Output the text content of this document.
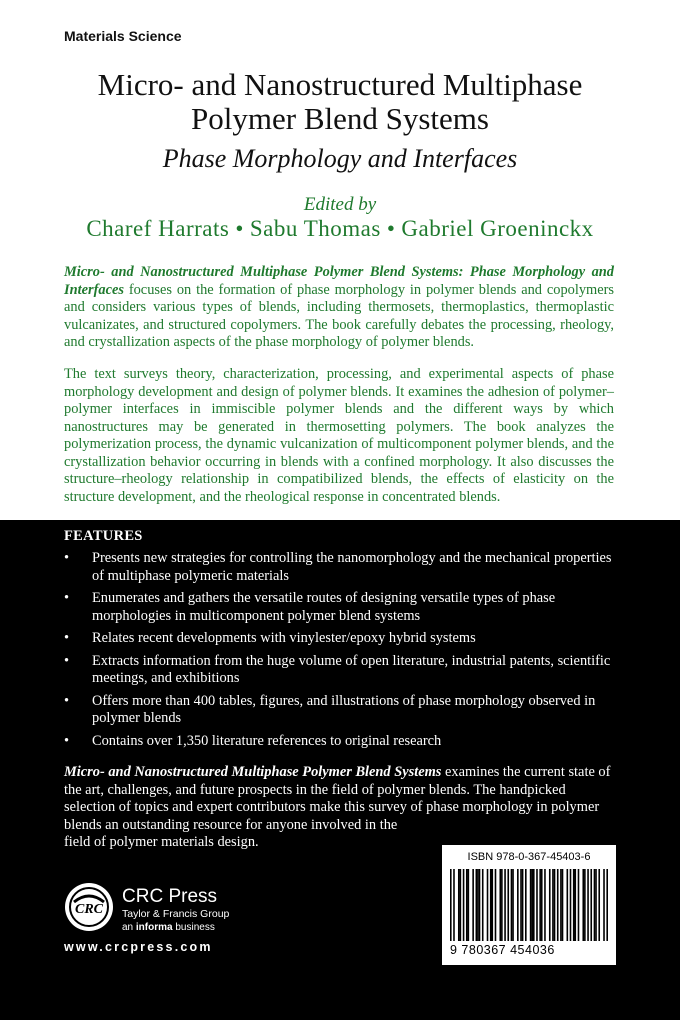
Materials Science
Micro- and Nanostructured Multiphase
Polymer Blend Systems
Phase Morphology and Interfaces
Edited by
Charef Harrats • Sabu Thomas • Gabriel Groeninckx

Micro- and Nanostructured Multiphase Polymer Blend Systems: Phase Morphology and Interfaces focuses on the formation of phase morphology in polymer blends and copolymers and considers various types of blends, including thermosets, thermoplastics, thermoplastic vulcanizates, and structured copolymers. The book carefully debates the processing, rheology, and crystallization aspects of the phase morphology of polymer blends.

The text surveys theory, characterization, processing, and experimental aspects of phase morphology development and design of polymer blends. It examines the adhesion of polymer–polymer interfaces in immiscible polymer blends and the different ways by which nanostructures may be generated in thermosetting polymers. The book analyzes the polymerization process, the dynamic vulcanization of multicomponent polymer blends, and the crystallization behavior occurring in blends with a confined morphology. It also discusses the structure–rheology relationship in compatibilized blends, the effects of elasticity on the structure development, and the rheological response in concentrated blends.

FEATURES
• Presents new strategies for controlling the nanomorphology and the mechanical properties of multiphase polymeric materials
• Enumerates and gathers the versatile routes of designing versatile types of phase morphologies in multicomponent polymer blend systems
• Relates recent developments with vinylester/epoxy hybrid systems
• Extracts information from the huge volume of open literature, industrial patents, scientific meetings, and exhibitions
• Offers more than 400 tables, figures, and illustrations of phase morphology observed in polymer blends
• Contains over 1,350 literature references to original research

Micro- and Nanostructured Multiphase Polymer Blend Systems examines the current state of the art, challenges, and future prospects in the field of polymer blends. The handpicked selection of topics and expert contributors make this survey of phase morphology in polymer blends an outstanding resource for anyone involved in the
field of polymer materials design.

CRC
CRC Press
Taylor & Francis Group
an informa business
www.crcpress.com
ISBN 978-0-367-45403-6
9 780367 454036
